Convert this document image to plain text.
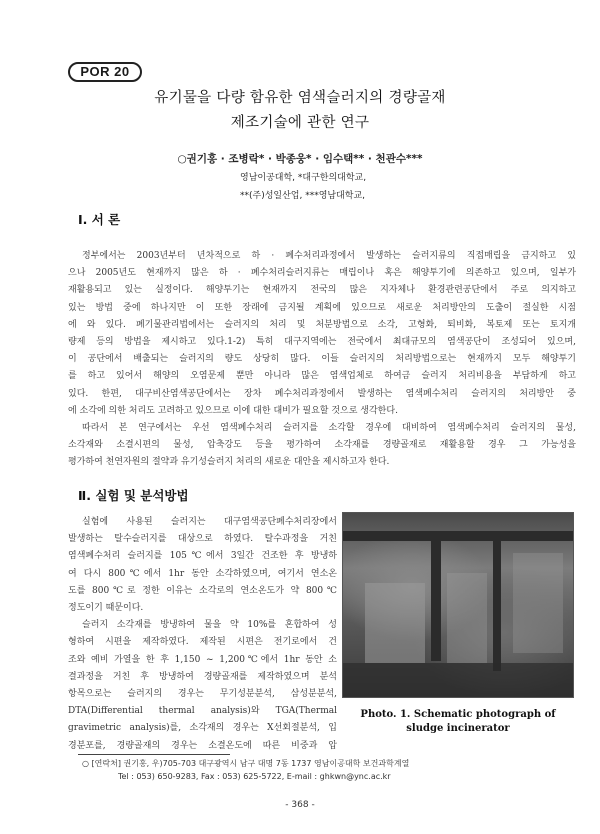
POR 20
유기물을 다량 함유한 염색슬러지의 경량골재
제조기술에 관한 연구
○권기홍 · 조병락* · 박종웅* · 임수택** · 천관수***
영남이공대학, *대구한의대학교,
**(주)성일산업, ***영남대학교,
Ⅰ. 서 론
정부에서는 2003년부터 년차적으로 하 · 폐수처리과정에서 발생하는 슬러지류의 직접매립을 금지하고 있
으나 2005년도 현재까지 많은 하 · 폐수처리슬러지류는 매립이나 혹은 해양투기에 의존하고 있으며, 일부가
재활용되고 있는 실정이다. 해양투기는 현재까지 전국의 많은 지자체나 환경관련공단에서 주로 의지하고
있는 방법 중에 하나지만 이 또한 장래에 금지될 계획에 있으므로 새로운 처리방안의 도출이 절실한 시점
에 와 있다. 폐기물관리법에서는 슬러지의 처리 및 처분방법으로 소각, 고형화, 퇴비화, 복토제 또는 토지개
량제 등의 방법을 제시하고 있다.1-2) 특히 대구지역에는 전국에서 최대규모의 염색공단이 조성되어 있으며,
이 공단에서 배출되는 슬러지의 량도 상당히 많다. 이들 슬러지의 처리방법으로는 현재까지 모두 해양투기
를 하고 있어서 해양의 오염문제 뿐만 아니라 많은 염색업체로 하여금 슬러지 처리비용을 부담하게 하고
있다. 한편, 대구비산염색공단에서는 장차 폐수처리과정에서 발생하는 염색폐수처리 슬러지의 처리방안 중
에 소각에 의한 처리도 고려하고 있으므로 이에 대한 대비가 필요할 것으로 생각한다.
따라서 본 연구에서는 우선 염색폐수처리 슬러지를 소각할 경우에 대비하여 염색폐수처리 슬러지의 물성,
소각재와 소결시편의 물성, 압축강도 등을 평가하여 소각재를 경량골재로 재활용할 경우 그 가능성을
평가하여 천연자원의 절약과 유기성슬러지 처리의 새로운 대안을 제시하고자 한다.
Ⅱ. 실험 및 분석방법
실험에 사용된 슬러지는 대구염색공단폐수처리장에서
발생하는 탈수슬러지를 대상으로 하였다. 탈수과정을 거친
염색폐수처리 슬러지를 105℃에서 3일간 건조한 후 방냉하
여 다시 800℃에서 1hr 동안 소각하였으며, 여기서 연소온
도를 800℃로 정한 이유는 소각로의 연소온도가 약 800℃
정도이기 때문이다.
슬러지 소각재를 방냉하여 물을 약 10%를 혼합하여 성
형하여 시편을 제작하였다. 제작된 시편은 전기로에서 건
조와 예비 가열을 한 후 1,150 ~ 1,200℃에서 1hr 동안 소
결과정을 거친 후 방냉하여 경량골재를 제작하였으며 분석
항목으로는 슬러지의 경우는 무기성분분석, 삼성분분석,
DTA(Differential thermal analysis)와 TGA(Thermal
gravimetric analysis)를, 소각재의 경우는 X선회절분석, 입
경분포를, 경량골재의 경우는 소결온도에 따른 비중과 압
Photo. 1. Schematic photograph of
sludge incinerator
○ [연락처] 권기홍, 우)705-703 대구광역시 남구 대명 7동 1737 영남이공대학 보건과학계열
Tel : 053) 650-9283, Fax : 053) 625-5722, E-mail : ghkwn@ync.ac.kr
- 368 -
